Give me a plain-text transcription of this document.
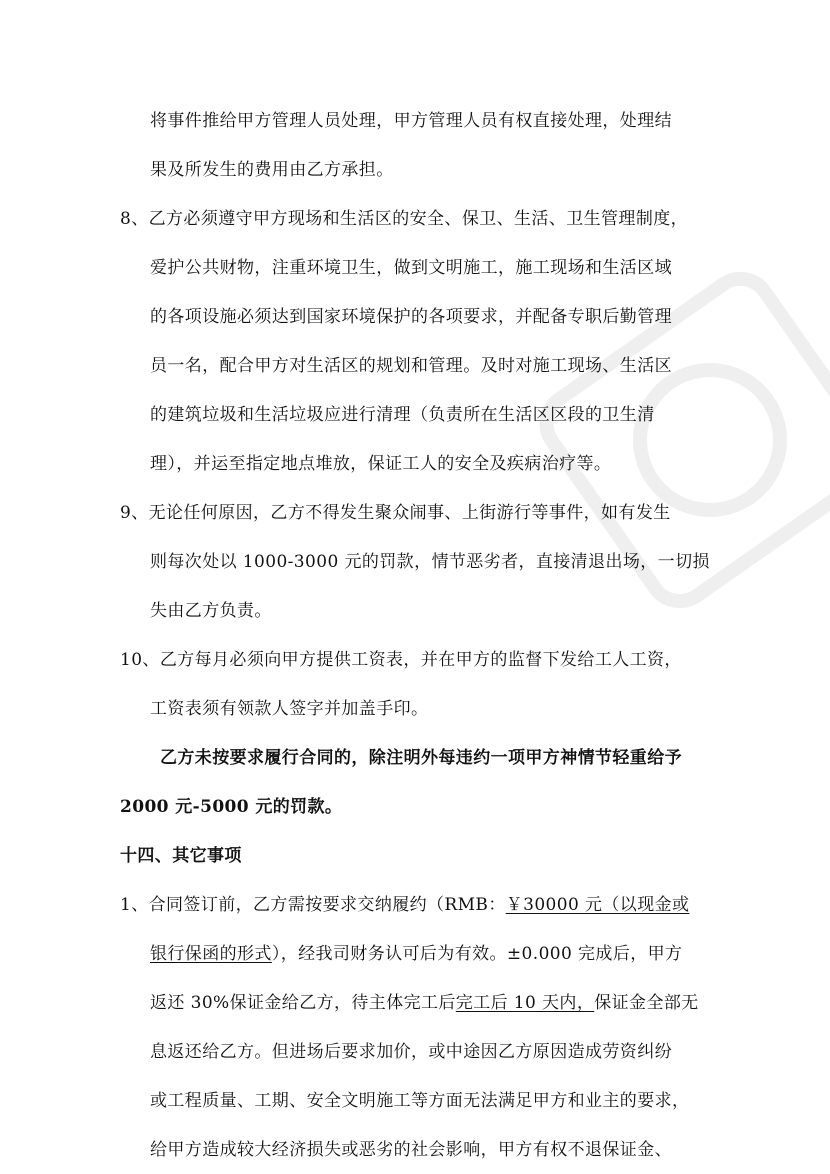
将事件推给甲方管理人员处理，甲方管理人员有权直接处理，处理结
果及所发生的费用由乙方承担。
8、乙方必须遵守甲方现场和生活区的安全、保卫、生活、卫生管理制度，
爱护公共财物，注重环境卫生，做到文明施工，施工现场和生活区域
的各项设施必须达到国家环境保护的各项要求，并配备专职后勤管理
员一名，配合甲方对生活区的规划和管理。及时对施工现场、生活区
的建筑垃圾和生活垃圾应进行清理（负责所在生活区区段的卫生清
理），并运至指定地点堆放，保证工人的安全及疾病治疗等。
9、无论任何原因，乙方不得发生聚众闹事、上街游行等事件，如有发生
则每次处以 1000-3000 元的罚款，情节恶劣者，直接清退出场，一切损
失由乙方负责。
10、乙方每月必须向甲方提供工资表，并在甲方的监督下发给工人工资，
工资表须有领款人签字并加盖手印。
乙方未按要求履行合同的，除注明外每违约一项甲方神情节轻重给予
2000 元-5000 元的罚款。
十四、其它事项
1、合同签订前，乙方需按要求交纳履约（RMB：￥30000 元（以现金或
银行保函的形式），经我司财务认可后为有效。±0.000 完成后，甲方
返还 30%保证金给乙方，待主体完工后完工后 10 天内，保证金全部无
息返还给乙方。但进场后要求加价，或中途因乙方原因造成劳资纠纷
或工程质量、工期、安全文明施工等方面无法满足甲方和业主的要求，
给甲方造成较大经济损失或恶劣的社会影响，甲方有权不退保证金、
